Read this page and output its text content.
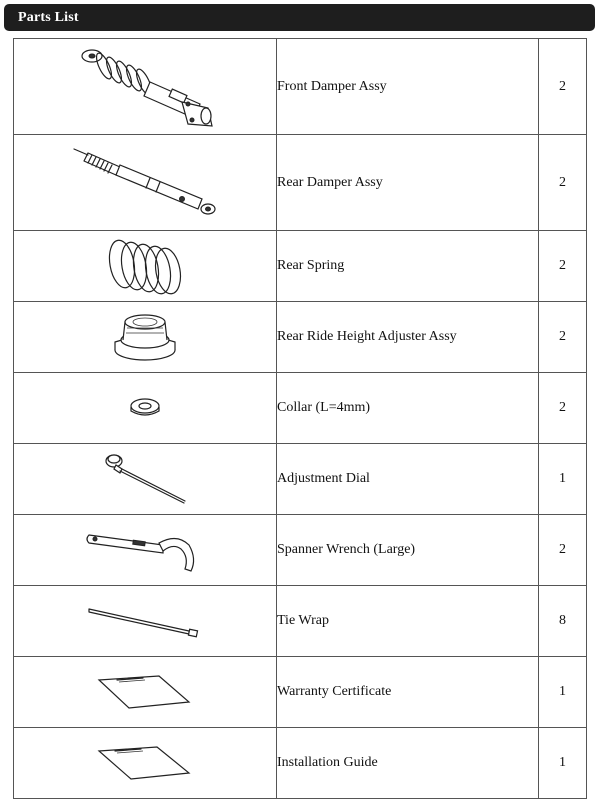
Parts List
	Front Damper Assy	2

	Rear Damper Assy	2

	Rear Spring	2

	Rear Ride Height Adjuster Assy	2

	Collar (L=4mm)	2

	Adjustment Dial	1

	Spanner Wrench (Large)	2

	Tie Wrap	8

	Warranty Certificate	1

	Installation Guide	1
